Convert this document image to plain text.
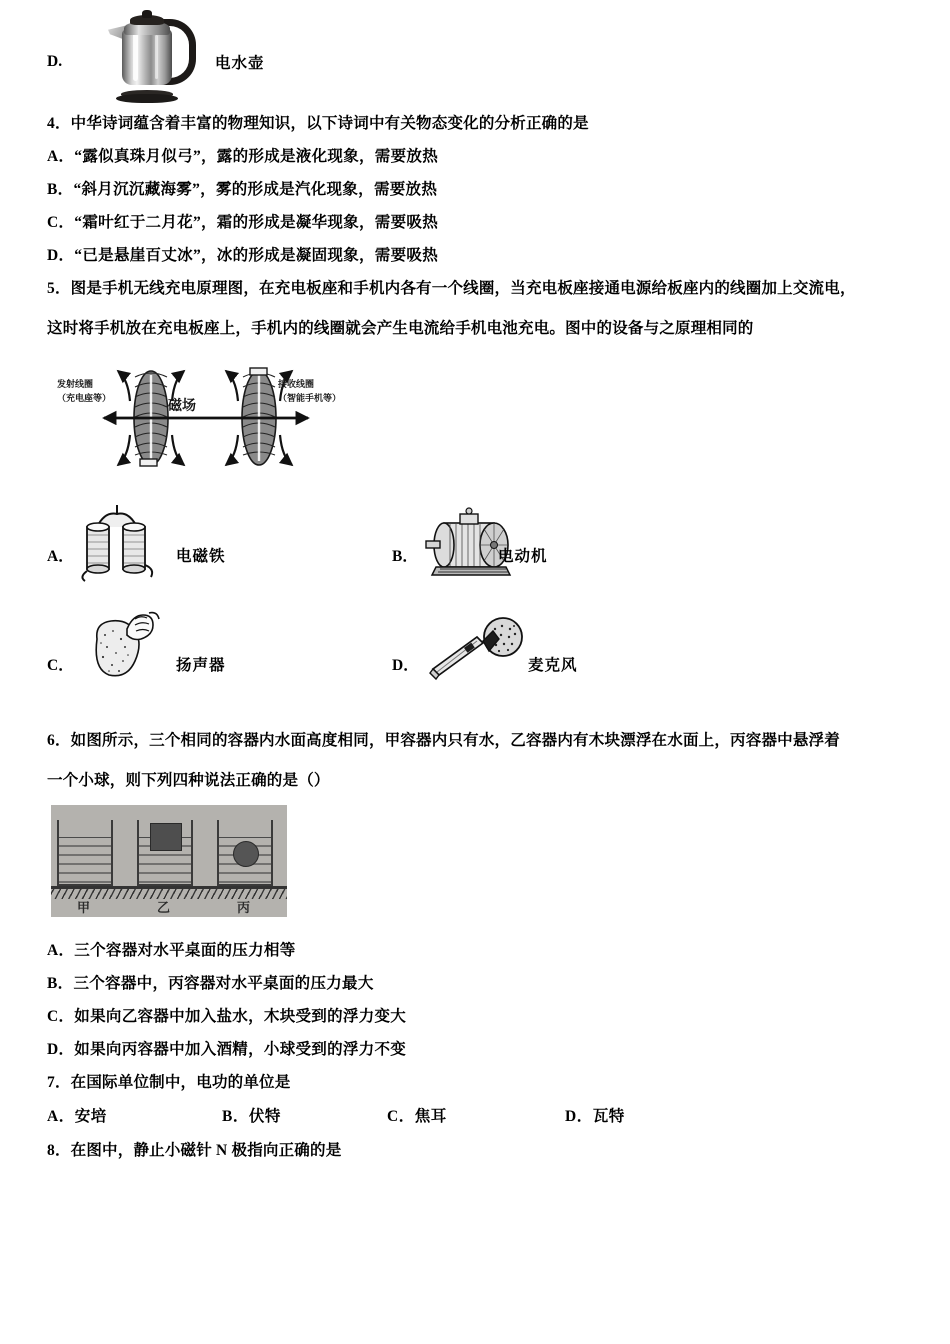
D.	电水壶
4．中华诗词蕴含着丰富的物理知识，以下诗词中有关物态变化的分析正确的是
A．“露似真珠月似弓”，露的形成是液化现象，需要放热
B．“斜月沉沉藏海雾”，雾的形成是汽化现象，需要放热
C．“霜叶红于二月花”，霜的形成是凝华现象，需要吸热
D．“已是悬崖百丈冰”，冰的形成是凝固现象，需要吸热
5．图是手机无线充电原理图，在充电板座和手机内各有一个线圈，当充电板座接通电源给板座内的线圈加上交流电，
这时将手机放在充电板座上，手机内的线圈就会产生电流给手机电池充电。图中的设备与之原理相同的
发射线圈
（充电座等）	磁场
接收线圈
（智能手机等）
A．	电磁铁	B．	电动机
C．	扬声器	D．	麦克风
6．如图所示，三个相同的容器内水面高度相同，甲容器内只有水，乙容器内有木块漂浮在水面上，丙容器中悬浮着
一个小球，则下列四种说法正确的是（）
甲	乙	丙
A．三个容器对水平桌面的压力相等
B．三个容器中，丙容器对水平桌面的压力最大
C．如果向乙容器中加入盐水，木块受到的浮力变大
D．如果向丙容器中加入酒精，小球受到的浮力不变
7．在国际单位制中，电功的单位是
A．安培	B．伏特	C．焦耳	D．瓦特
8．在图中，静止小磁针 N 极指向正确的是
